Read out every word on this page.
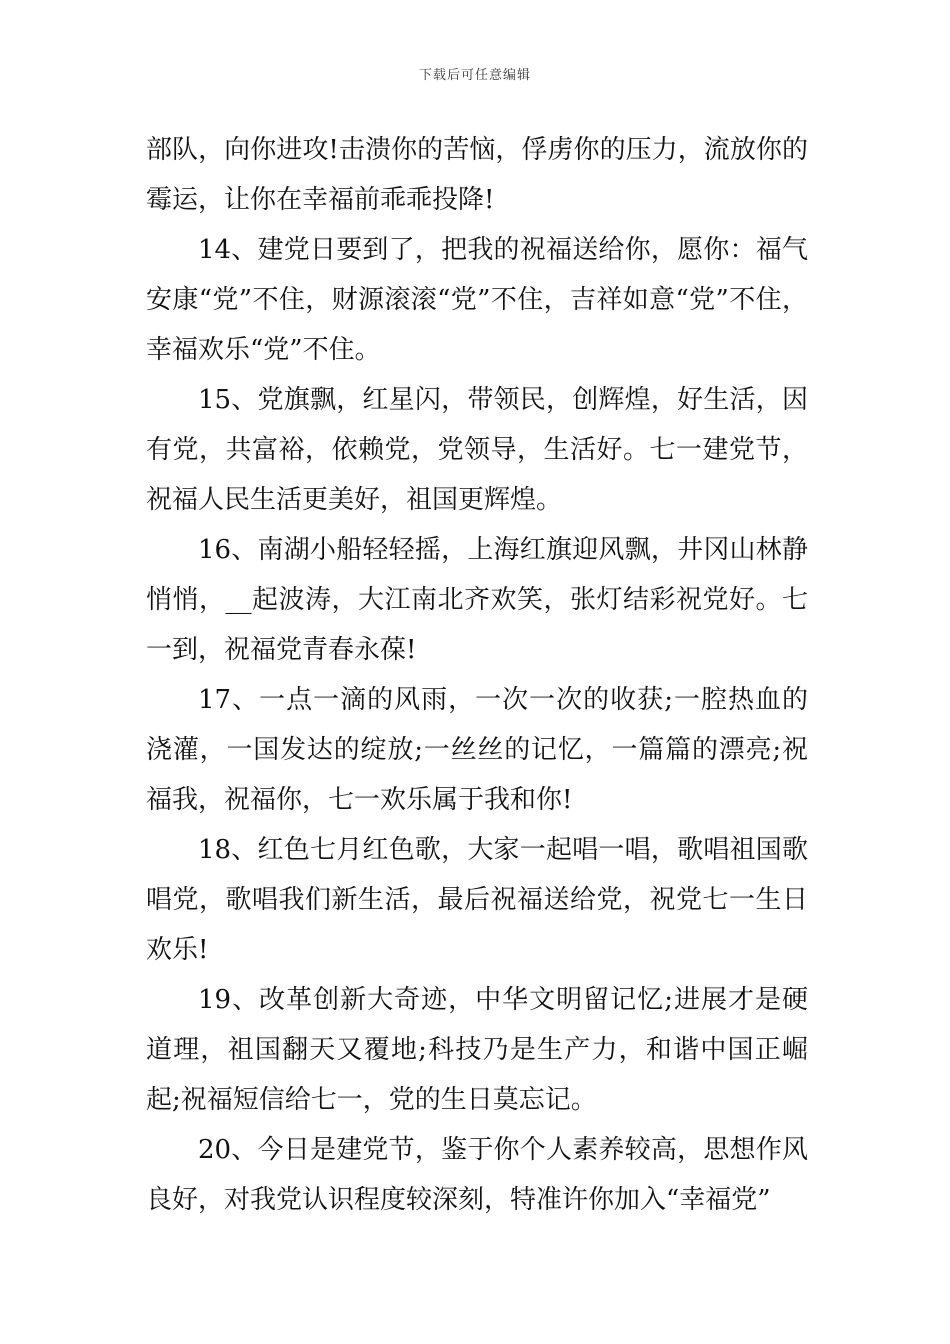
下载后可任意编辑

部队，向你进攻!击溃你的苦恼，俘虏你的压力，流放你的霉运，让你在幸福前乖乖投降!

14、建党日要到了，把我的祝福送给你，愿你：福气安康“党”不住，财源滚滚“党”不住，吉祥如意“党”不住，幸福欢乐“党”不住。

15、党旗飘，红星闪，带领民，创辉煌，好生活，因有党，共富裕，依赖党，党领导，生活好。七一建党节，祝福人民生活更美好，祖国更辉煌。

16、南湖小船轻轻摇，上海红旗迎风飘，井冈山林静悄悄，__起波涛，大江南北齐欢笑，张灯结彩祝党好。七一到，祝福党青春永葆!

17、一点一滴的风雨，一次一次的收获;一腔热血的浇灌，一国发达的绽放;一丝丝的记忆，一篇篇的漂亮;祝福我，祝福你，七一欢乐属于我和你!

18、红色七月红色歌，大家一起唱一唱，歌唱祖国歌唱党，歌唱我们新生活，最后祝福送给党，祝党七一生日欢乐!

19、改革创新大奇迹，中华文明留记忆;进展才是硬道理，祖国翻天又覆地;科技乃是生产力，和谐中国正崛起;祝福短信给七一，党的生日莫忘记。

20、今日是建党节，鉴于你个人素养较高，思想作风良好，对我党认识程度较深刻，特准许你加入“幸福党”
